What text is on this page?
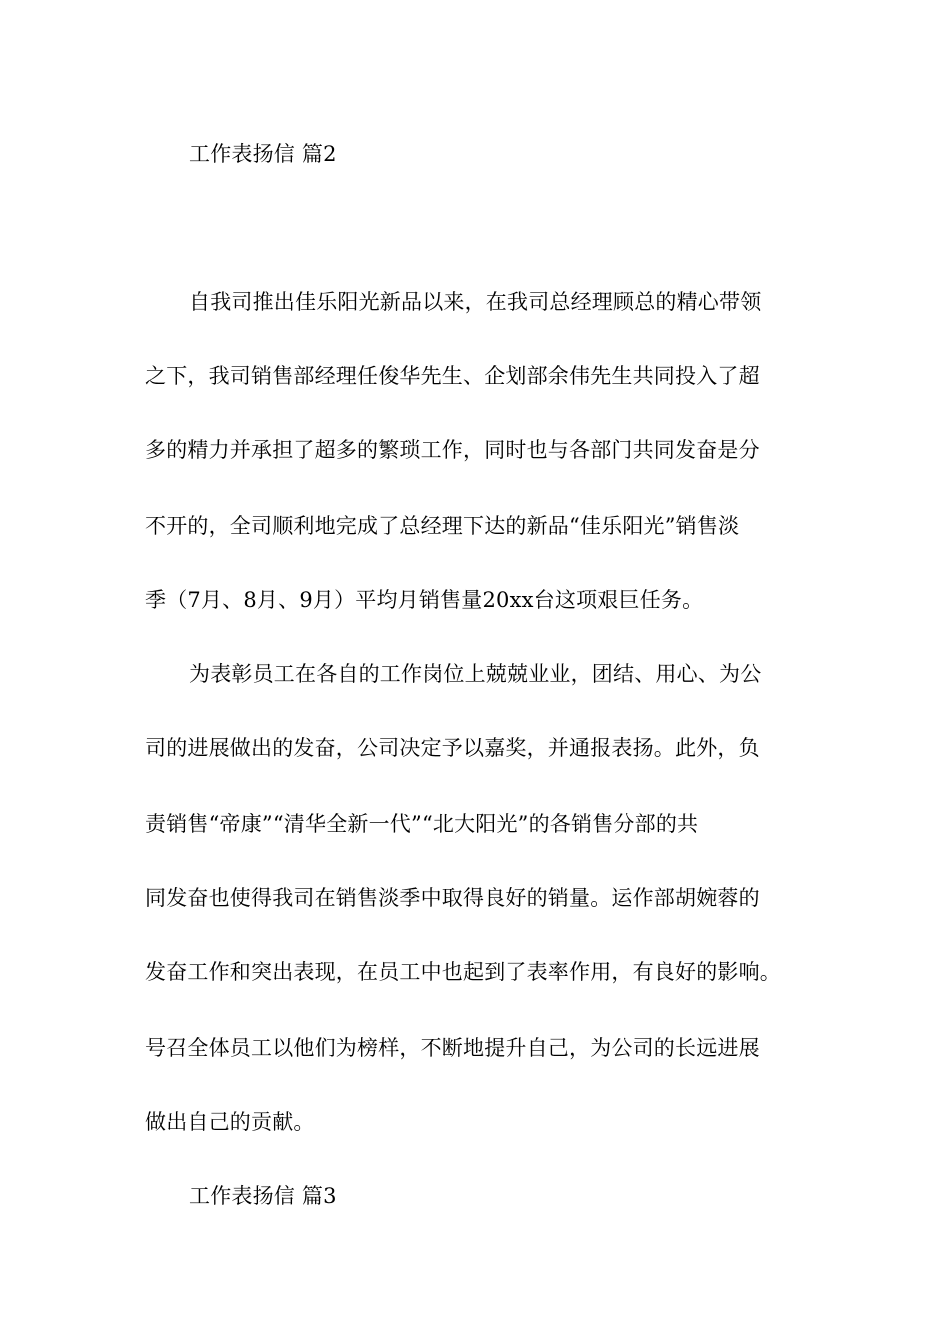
工作表扬信 篇2
自我司推出佳乐阳光新品以来，在我司总经理顾总的精心带领
之下，我司销售部经理任俊华先生、企划部余伟先生共同投入了超
多的精力并承担了超多的繁琐工作，同时也与各部门共同发奋是分
不开的，全司顺利地完成了总经理下达的新品“佳乐阳光”销售淡
季（7月、8月、9月）平均月销售量20xx台这项艰巨任务。
为表彰员工在各自的工作岗位上兢兢业业，团结、用心、为公
司的进展做出的发奋，公司决定予以嘉奖，并通报表扬。此外，负
责销售“帝康”“清华全新一代”“北大阳光”的各销售分部的共
同发奋也使得我司在销售淡季中取得良好的销量。运作部胡婉蓉的
发奋工作和突出表现，在员工中也起到了表率作用，有良好的影响。
号召全体员工以他们为榜样，不断地提升自己，为公司的长远进展
做出自己的贡献。
工作表扬信 篇3
